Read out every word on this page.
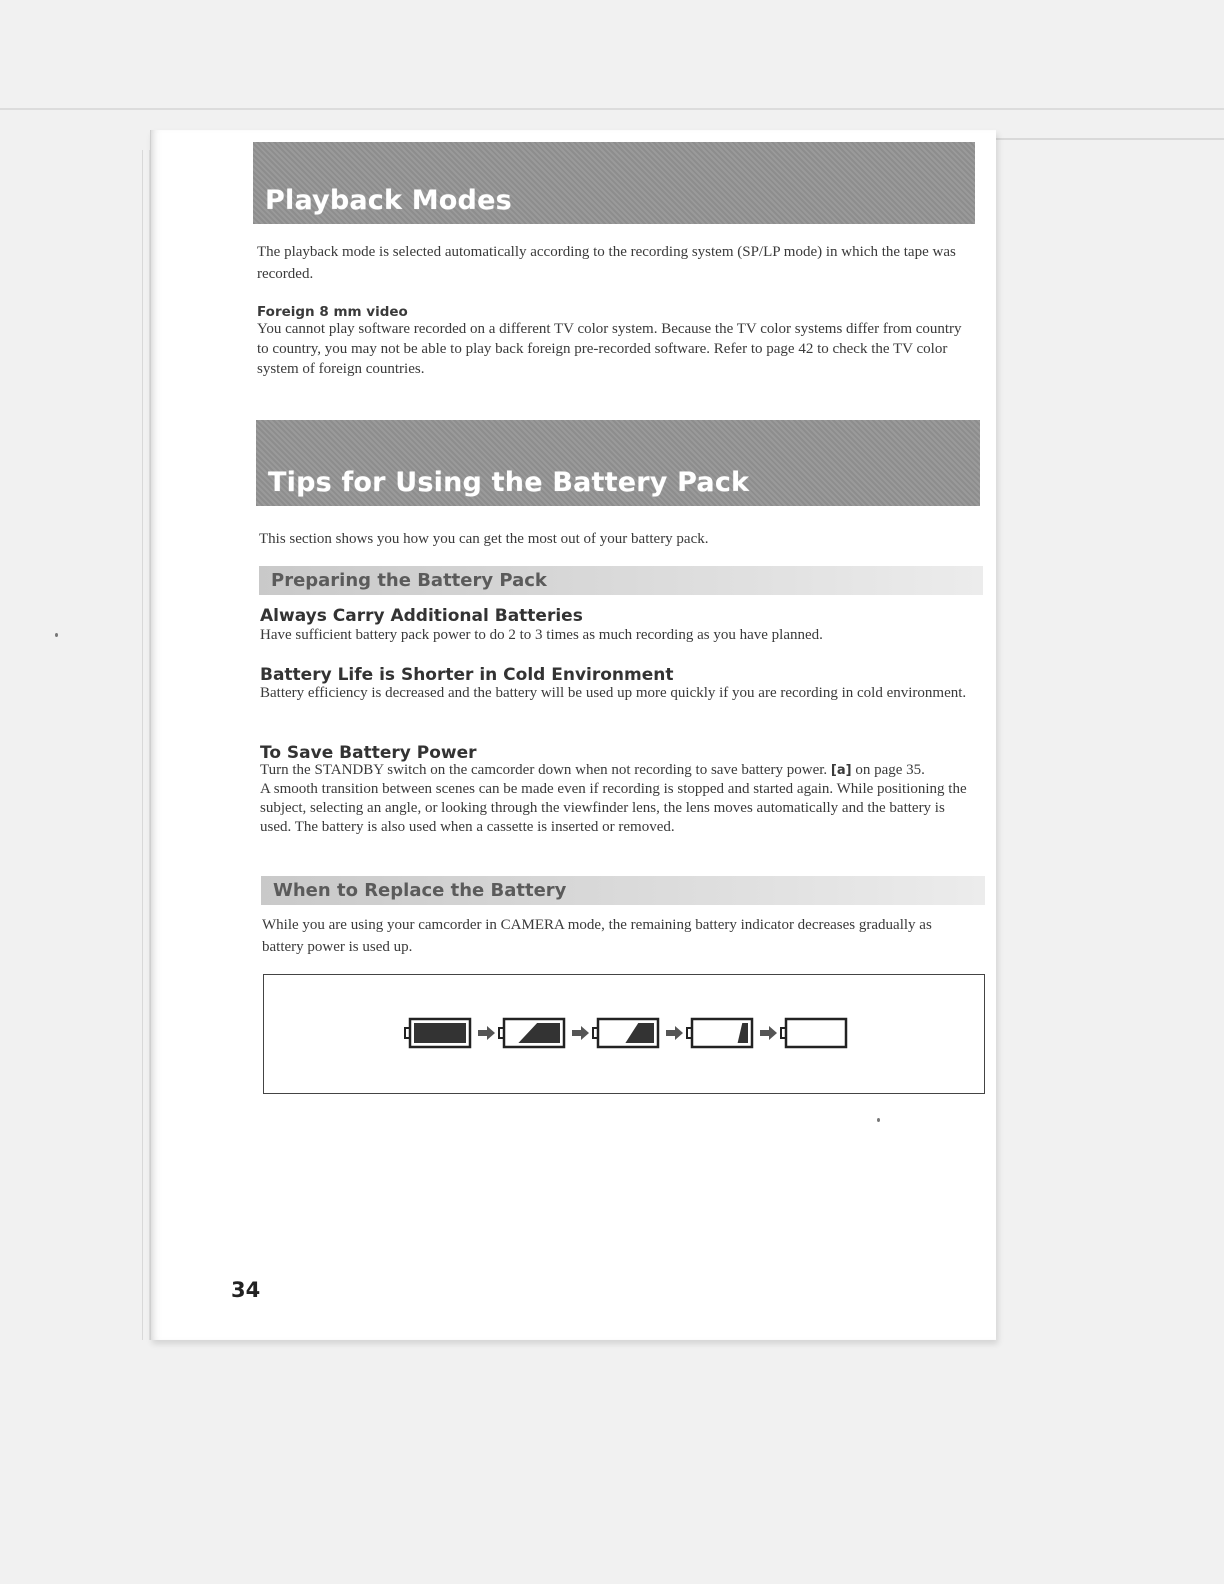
Playback Modes

The playback mode is selected automatically according to the recording system (SP/LP mode) in which the tape was recorded.

Foreign 8 mm video

You cannot play software recorded on a different TV color system. Because the TV color systems differ from country to country, you may not be able to play back foreign pre-recorded software. Refer to page 42 to check the TV color system of foreign countries.

Tips for Using the Battery Pack

This section shows you how you can get the most out of your battery pack.

Preparing the Battery Pack

Always Carry Additional Batteries

Have sufficient battery pack power to do 2 to 3 times as much recording as you have planned.

Battery Life is Shorter in Cold Environment

Battery efficiency is decreased and the battery will be used up more quickly if you are recording in cold environment.

To Save Battery Power

Turn the STANDBY switch on the camcorder down when not recording to save battery power. [a] on page 35.
A smooth transition between scenes can be made even if recording is stopped and started again. While positioning the subject, selecting an angle, or looking through the viewfinder lens, the lens moves automatically and the battery is used. The battery is also used when a cassette is inserted or removed.

When to Replace the Battery

While you are using your camcorder in CAMERA mode, the remaining battery indicator decreases gradually as battery power is used up.

34
